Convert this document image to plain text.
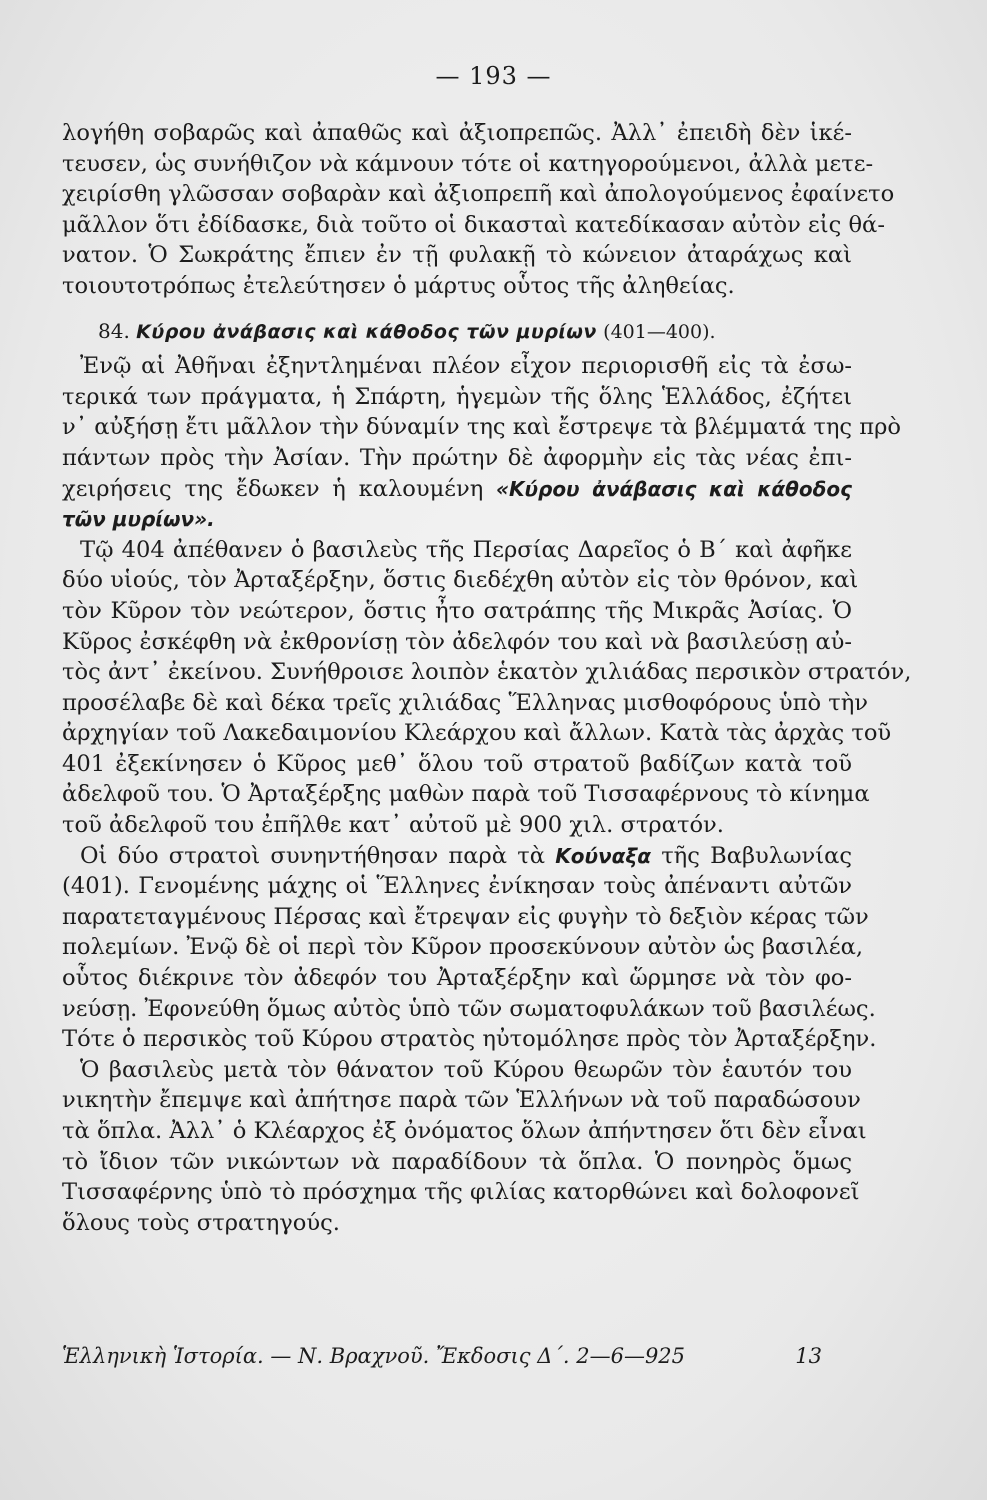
— 193 —

λογήθη σοβαρῶς καὶ ἀπαθῶς καὶ ἀξιοπρεπῶς. Ἀλλ᾽ ἐπειδὴ δὲν ἱκέ-
τευσεν, ὡς συνήθιζον νὰ κάμνουν τότε οἱ κατηγορούμενοι, ἀλλὰ μετε-
χειρίσθη γλῶσσαν σοβαρὰν καὶ ἀξιοπρεπῆ καὶ ἀπολογούμενος ἐφαίνετο
μᾶλλον ὅτι ἐδίδασκε, διὰ τοῦτο οἱ δικασταὶ κατεδίκασαν αὐτὸν εἰς θά-
νατον. Ὁ Σωκράτης ἔπιεν ἐν τῇ φυλακῇ τὸ κώνειον ἀταράχως καὶ
τοιουτοτρόπως ἐτελεύτησεν ὁ μάρτυς οὗτος τῆς ἀληθείας.

84. Κύρου ἀνάβασις καὶ κάθοδος τῶν μυρίων (401—400).

Ἐνῷ αἱ Ἀθῆναι ἐξηντλημέναι πλέον εἶχον περιορισθῆ εἰς τὰ ἐσω-
τερικά των πράγματα, ἡ Σπάρτη, ἡγεμὼν τῆς ὅλης Ἑλλάδος, ἐζήτει
ν᾽ αὐξήσῃ ἔτι μᾶλλον τὴν δύναμίν της καὶ ἔστρεψε τὰ βλέμματά της πρὸ
πάντων πρὸς τὴν Ἀσίαν. Τὴν πρώτην δὲ ἀφορμὴν εἰς τὰς νέας ἐπι-
χειρήσεις της ἔδωκεν ἡ καλουμένη «Κύρου ἀνάβασις καὶ κάθοδος
τῶν μυρίων».

Τῷ 404 ἀπέθανεν ὁ βασιλεὺς τῆς Περσίας Δαρεῖος ὁ Β΄ καὶ ἀφῆκε
δύο υἱούς, τὸν Ἀρταξέρξην, ὅστις διεδέχθη αὐτὸν εἰς τὸν θρόνον, καὶ
τὸν Κῦρον τὸν νεώτερον, ὅστις ἦτο σατράπης τῆς Μικρᾶς Ἀσίας. Ὁ
Κῦρος ἐσκέφθη νὰ ἐκθρονίσῃ τὸν ἀδελφόν του καὶ νὰ βασιλεύσῃ αὐ-
τὸς ἀντ᾽ ἐκείνου. Συνήθροισε λοιπὸν ἑκατὸν χιλιάδας περσικὸν στρατόν,
προσέλαβε δὲ καὶ δέκα τρεῖς χιλιάδας Ἕλληνας μισθοφόρους ὑπὸ τὴν
ἀρχηγίαν τοῦ Λακεδαιμονίου Κλεάρχου καὶ ἄλλων. Κατὰ τὰς ἀρχὰς τοῦ
401 ἐξεκίνησεν ὁ Κῦρος μεθ᾽ ὅλου τοῦ στρατοῦ βαδίζων κατὰ τοῦ
ἀδελφοῦ του. Ὁ Ἀρταξέρξης μαθὼν παρὰ τοῦ Τισσαφέρνους τὸ κίνημα
τοῦ ἀδελφοῦ του ἐπῆλθε κατ᾽ αὐτοῦ μὲ 900 χιλ. στρατόν.

Οἱ δύο στρατοὶ συνηντήθησαν παρὰ τὰ Κούναξα τῆς Βαβυλωνίας
(401). Γενομένης μάχης οἱ Ἕλληνες ἐνίκησαν τοὺς ἀπέναντι αὐτῶν
παρατεταγμένους Πέρσας καὶ ἔτρεψαν εἰς φυγὴν τὸ δεξιὸν κέρας τῶν
πολεμίων. Ἐνῷ δὲ οἱ περὶ τὸν Κῦρον προσεκύνουν αὐτὸν ὡς βασιλέα,
οὗτος διέκρινε τὸν ἀδεφόν του Ἀρταξέρξην καὶ ὥρμησε νὰ τὸν φο-
νεύσῃ. Ἐφονεύθη ὅμως αὐτὸς ὑπὸ τῶν σωματοφυλάκων τοῦ βασιλέως.
Τότε ὁ περσικὸς τοῦ Κύρου στρατὸς ηὐτομόλησε πρὸς τὸν Ἀρταξέρξην.

Ὁ βασιλεὺς μετὰ τὸν θάνατον τοῦ Κύρου θεωρῶν τὸν ἑαυτόν του
νικητὴν ἔπεμψε καὶ ἀπήτησε παρὰ τῶν Ἑλλήνων νὰ τοῦ παραδώσουν
τὰ ὅπλα. Ἀλλ᾽ ὁ Κλέαρχος ἐξ ὀνόματος ὅλων ἀπήντησεν ὅτι δὲν εἶναι
τὸ ἴδιον τῶν νικώντων νὰ παραδίδουν τὰ ὅπλα. Ὁ πονηρὸς ὅμως
Τισσαφέρνης ὑπὸ τὸ πρόσχημα τῆς φιλίας κατορθώνει καὶ δολοφονεῖ
ὅλους τοὺς στρατηγούς.

Ἑλληνικὴ Ἱστορία. — Ν. Βραχνοῦ. Ἔκδοσις Δ΄. 2—6—925	13
